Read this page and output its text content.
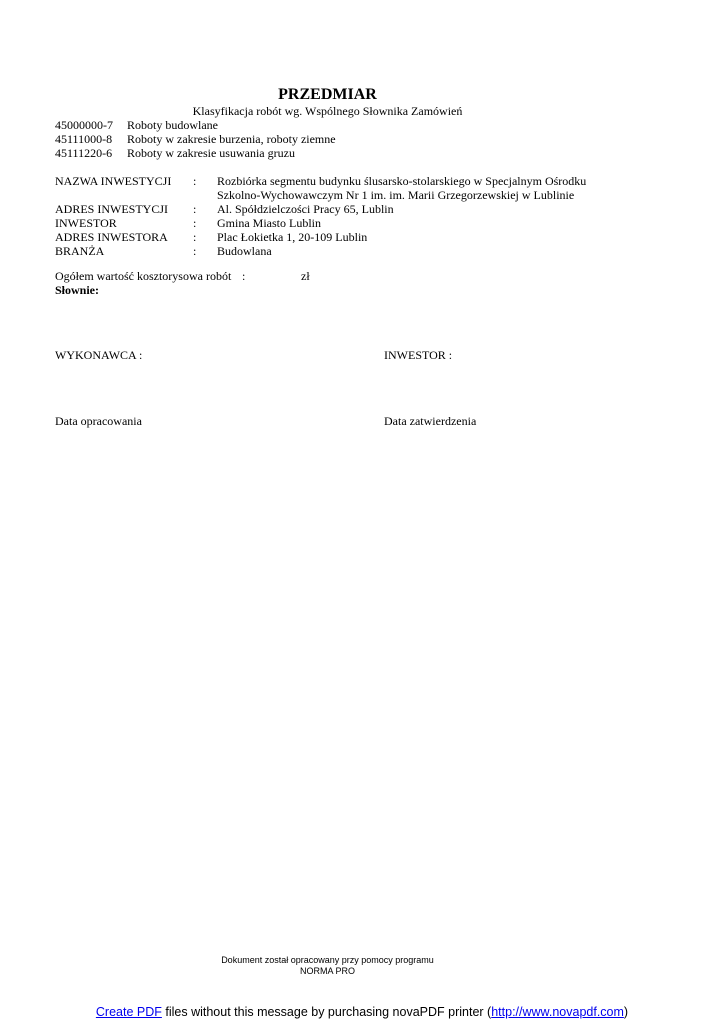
PRZEDMIAR
Klasyfikacja robót wg. Wspólnego Słownika Zamówień
45000000-7 Roboty budowlane
45111000-8 Roboty w zakresie burzenia, roboty ziemne
45111220-6 Roboty w zakresie usuwania gruzu
NAZWA INWESTYCJI : Rozbiórka segmentu budynku ślusarsko-stolarskiego w Specjalnym Ośrodku
Szkolno-Wychowawczym Nr 1 im. im. Marii Grzegorzewskiej w Lublinie
ADRES INWESTYCJI : Al. Spółdzielczości Pracy 65, Lublin
INWESTOR	: Gmina Miasto Lublin
ADRES INWESTORA : Plac Łokietka 1, 20-109 Lublin
BRANŻA	: Budowlana
Ogółem wartość kosztorysowa robót :	zł
Słownie:
WYKONAWCA :	INWESTOR :
Data opracowania	Data zatwierdzenia
Dokument został opracowany przy pomocy programu
NORMA PRO
Create PDF files without this message by purchasing novaPDF printer (http://www.novapdf.com)
